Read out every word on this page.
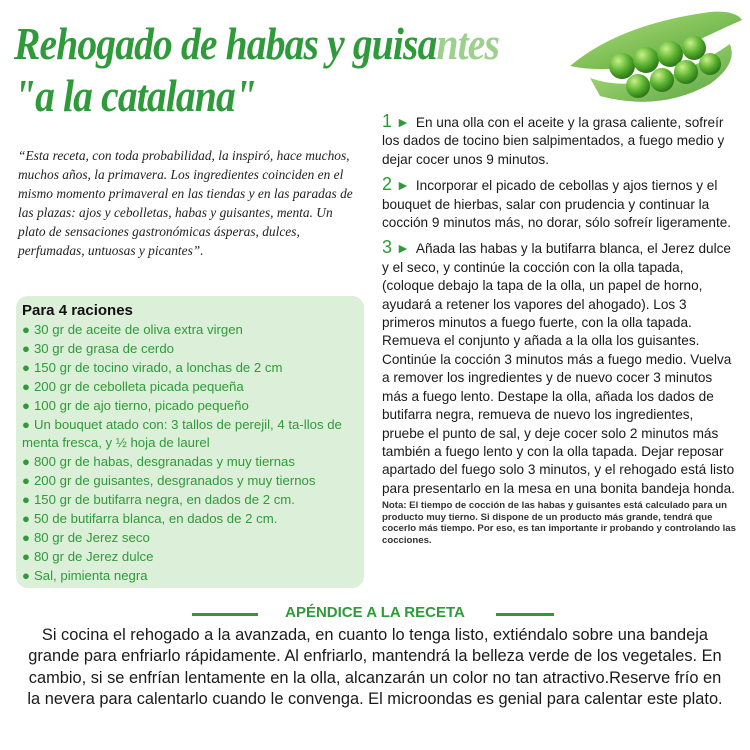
Rehogado de habas y guisantes
"a la catalana"
“Esta receta, con toda probabilidad, la inspiró, hace muchos, muchos años, la primavera. Los ingredientes coinciden en el mismo momento primaveral en las tiendas y en las paradas de las plazas: ajos y cebolletas, habas y guisantes, menta. Un plato de sensaciones gastronómicas ásperas, dulces, perfumadas, untuosas y picantes”.
Para 4 raciones
● 30 gr de aceite de oliva extra virgen
● 30 gr de grasa de cerdo
● 150 gr de tocino virado, a lonchas de 2 cm
● 200 gr de cebolleta picada pequeña
● 100 gr de ajo tierno, picado pequeño
● Un bouquet atado con: 3 tallos de perejil, 4 ta-llos de menta fresca, y ½ hoja de laurel
● 800 gr de habas, desgranadas y muy tiernas
● 200 gr de guisantes, desgranados y muy tiernos
● 150 gr de butifarra negra, en dados de 2 cm.
● 50 de butifarra blanca, en dados de 2 cm.
● 80 gr de Jerez seco
● 80 gr de Jerez dulce
● Sal, pimienta negra

1 ► En una olla con el aceite y la grasa caliente, sofreír los dados de tocino bien salpimentados, a fuego medio y dejar cocer unos 9 minutos.

2 ► Incorporar el picado de cebollas y ajos tiernos y el bouquet de hierbas, salar con prudencia y continuar la cocción 9 minutos más, no dorar, sólo sofreír ligeramente.

3 ► Añada las habas y la butifarra blanca, el Jerez dulce y el seco, y continúe la cocción con la olla tapada, (coloque debajo la tapa de la olla, un papel de horno, ayudará a retener los vapores del ahogado). Los 3 primeros minutos a fuego fuerte, con la olla tapada. Remueva el conjunto y añada a la olla los guisantes. Continúe la cocción 3 minutos más a fuego medio. Vuelva a remover los ingredientes y de nuevo cocer 3 minutos más a fuego lento. Destape la olla, añada los dados de butifarra negra, remueva de nuevo los ingredientes, pruebe el punto de sal, y deje cocer solo 2 minutos más también a fuego lento y con la olla tapada. Dejar reposar apartado del fuego solo 3 minutos, y el rehogado está listo para presentarlo en la mesa en una bonita bandeja honda.

Nota: El tiempo de cocción de las habas y guisantes está calculado para un producto muy tierno. Si dispone de un producto más grande, tendrá que cocerlo más tiempo. Por eso, es tan importante ir probando y controlando las cocciones.
APÉNDICE A LA RECETA
Si cocina el rehogado a la avanzada, en cuanto lo tenga listo, extiéndalo sobre una bandeja grande para enfriarlo rápidamente. Al enfriarlo, mantendrá la belleza verde de los vegetales. En cambio, si se enfrían lentamente en la olla, alcanzarán un color no tan atractivo.Reserve frío en la nevera para calentarlo cuando le convenga. El microondas es genial para calentar este plato.
